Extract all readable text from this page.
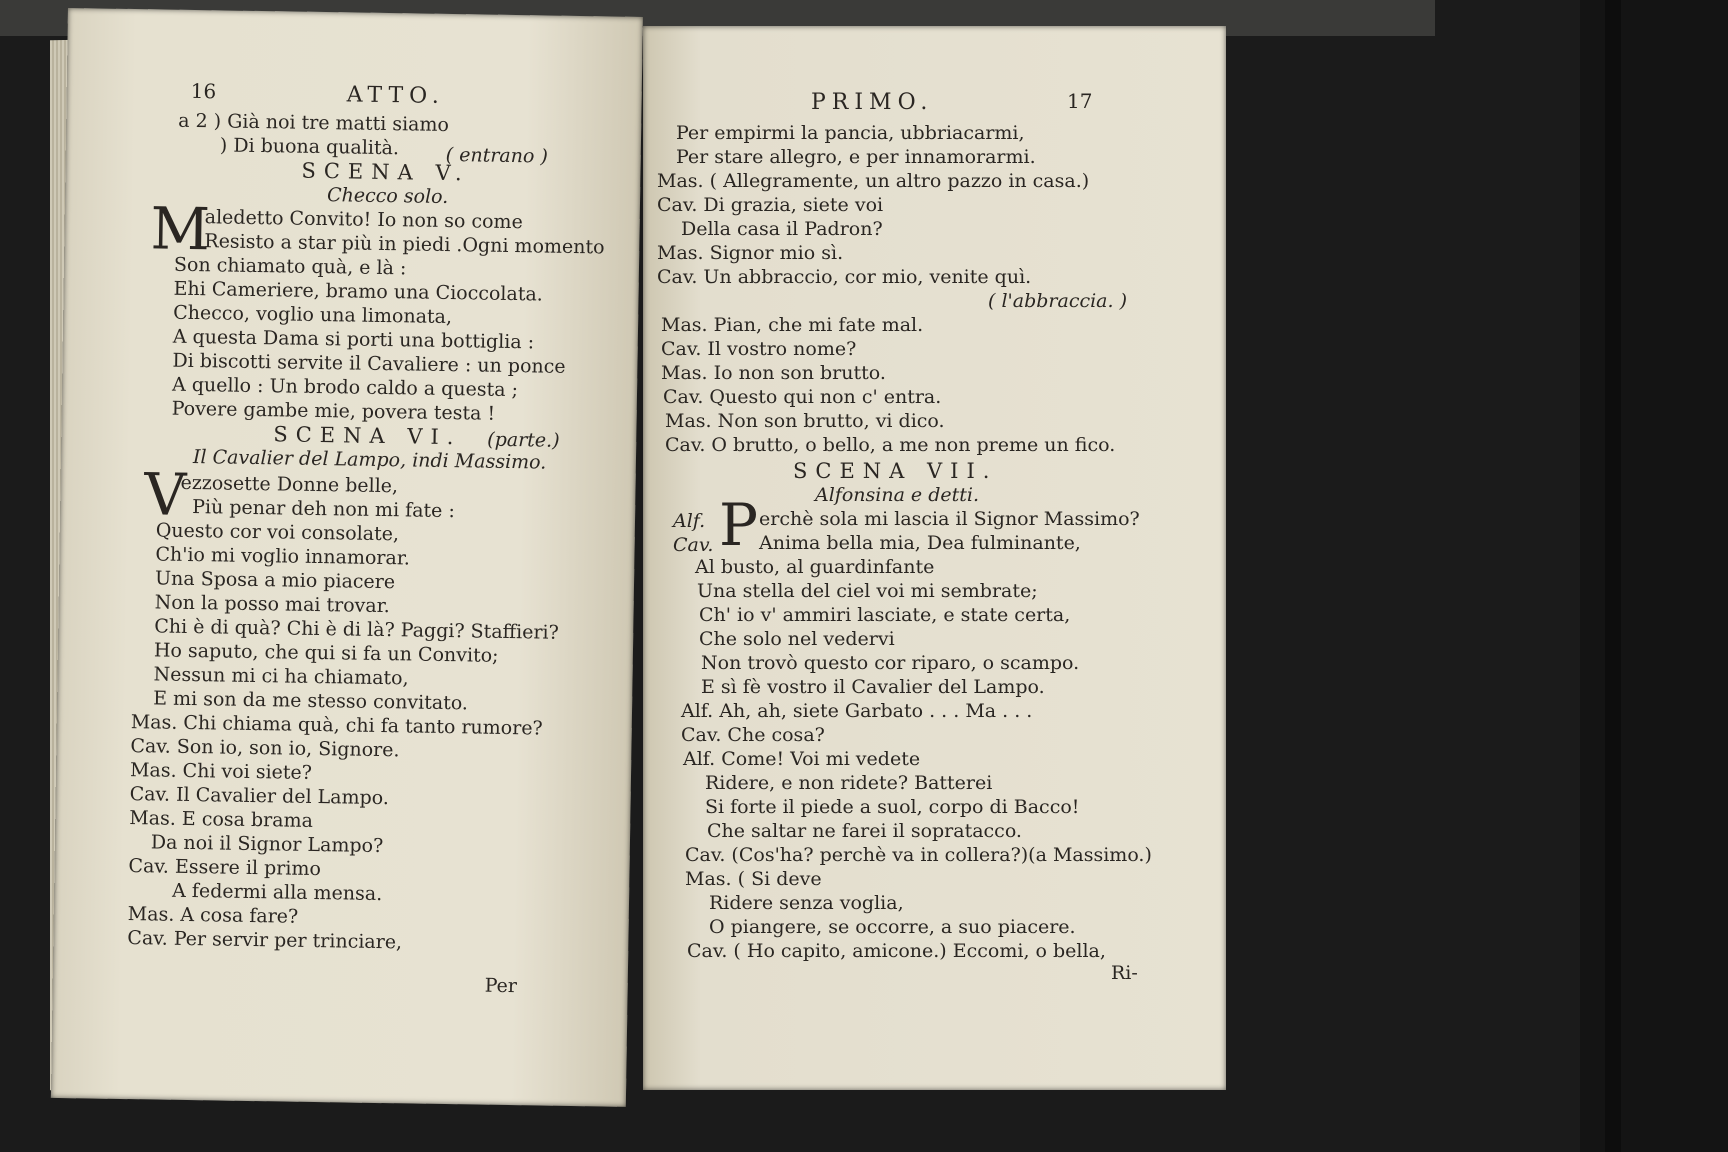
16	ATTO.
a 2 ) Già noi tre matti siamo
) Di buona qualità. ( entrano )
SCENA V.
Checco solo.
M
aledetto Convito! Io non so come
Resisto a star più in piedi .Ogni momento
Son chiamato quà, e là :
Ehi Cameriere, bramo una Cioccolata.
Checco, voglio una limonata,
A questa Dama si porti una bottiglia :
Di biscotti servite il Cavaliere : un ponce
A quello : Un brodo caldo a questa ;
Povere gambe mie, povera testa !
SCENA VI. (parte.)
Il Cavalier del Lampo, indi Massimo.
V
ezzosette Donne belle,
Più penar deh non mi fate :
Questo cor voi consolate,
Ch'io mi voglio innamorar.
Una Sposa a mio piacere
Non la posso mai trovar.
Chi è di quà? Chi è di là? Paggi? Staffieri?
Ho saputo, che qui si fa un Convito;
Nessun mi ci ha chiamato,
E mi son da me stesso convitato.
Mas. Chi chiama quà, chi fa tanto rumore?
Cav. Son io, son io, Signore.
Mas. Chi voi siete?
Cav. Il Cavalier del Lampo.
Mas. E cosa brama
Da noi il Signor Lampo?
Cav. Essere il primo
A federmi alla mensa.
Mas. A cosa fare?
Cav. Per servir per trinciare,
Per
PRIMO.	17
Per empirmi la pancia, ubbriacarmi,
Per stare allegro, e per innamorarmi.
Mas. ( Allegramente, un altro pazzo in casa.)
Cav. Di grazia, siete voi
Della casa il Padron?
Mas. Signor mio sì.
Cav. Un abbraccio, cor mio, venite quì.
( l'abbraccia. )
Mas. Pian, che mi fate mal.
Cav. Il vostro nome?
Mas. Io non son brutto.
Cav. Questo qui non c' entra.
Mas. Non son brutto, vi dico.
Cav. O brutto, o bello, a me non preme un fico.
SCENA VII.
Alfonsina e detti.
Alf. P erchè sola mi lascia il Signor Massimo?
Cav. Anima bella mia, Dea fulminante,
Al busto, al guardinfante
Una stella del ciel voi mi sembrate;
Ch' io v' ammiri lasciate, e state certa,
Che solo nel vedervi
Non trovò questo cor riparo, o scampo.
E sì fè vostro il Cavalier del Lampo.
Alf. Ah, ah, siete Garbato . . . Ma . . .
Cav. Che cosa?
Alf. Come! Voi mi vedete
Ridere, e non ridete? Batterei
Si forte il piede a suol, corpo di Bacco!
Che saltar ne farei il sopratacco.
Cav. (Cos'ha? perchè va in collera?)(a Massimo.)
Mas. ( Si deve
Ridere senza voglia,
O piangere, se occorre, a suo piacere.
Cav. ( Ho capito, amicone.) Eccomi, o bella,
Ri-
